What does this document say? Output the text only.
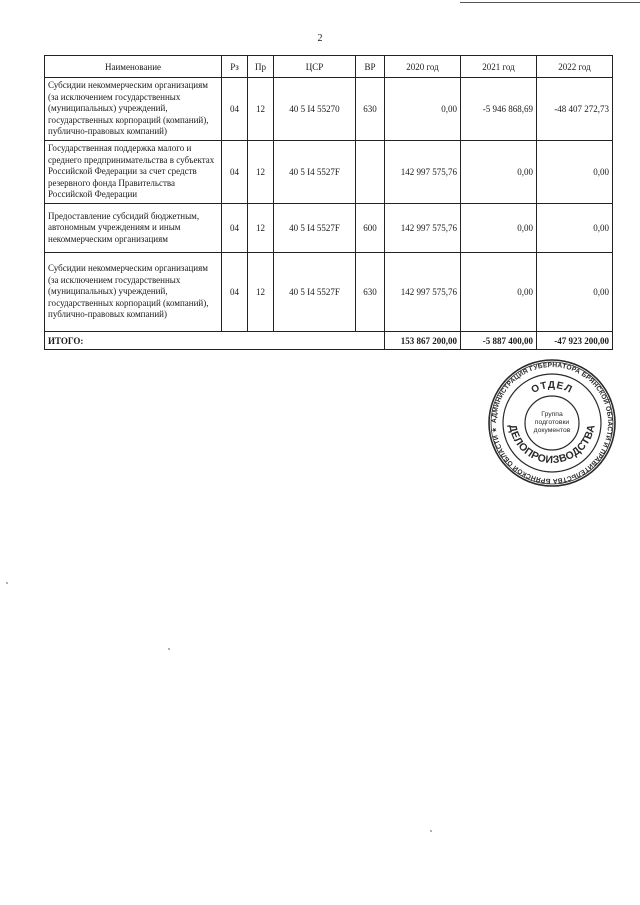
2
Наименование	Рз	Пр	ЦСР	ВР	2020 год	2021 год	2022 год
Субсидии некоммерческим организациям (за исключением государственных (муниципальных) учреждений, государственных корпораций (компаний), публично-правовых компаний)	04	12	40 5 I4 55270	630	0,00	-5 946 868,69	-48 407 272,73
Государственная поддержка малого и среднего предпринимательства в субъектах Российской Федерации за счет средств резервного фонда Правительства Российской Федерации	04	12	40 5 I4 5527F		142 997 575,76	0,00	0,00
Предоставление субсидий бюджетным, автономным учреждениям и иным некоммерческим организациям	04	12	40 5 I4 5527F	600	142 997 575,76	0,00	0,00
Субсидии некоммерческим организациям (за исключением государственных (муниципальных) учреждений, государственных корпораций (компаний), публично-правовых компаний)	04	12	40 5 I4 5527F	630	142 997 575,76	0,00	0,00
ИТОГО:					153 867 200,00	-5 887 400,00	-47 923 200,00
АДМИНИСТРАЦИЯ ГУБЕРНАТОРА БРЯНСКОЙ ОБЛАСТИ И ПРАВИТЕЛЬСТВА БРЯНСКОЙ ОБЛАСТИ ★
ОТДЕЛ
ДЕЛОПРОИЗВОДСТВА
Группа
подготовки
документов
